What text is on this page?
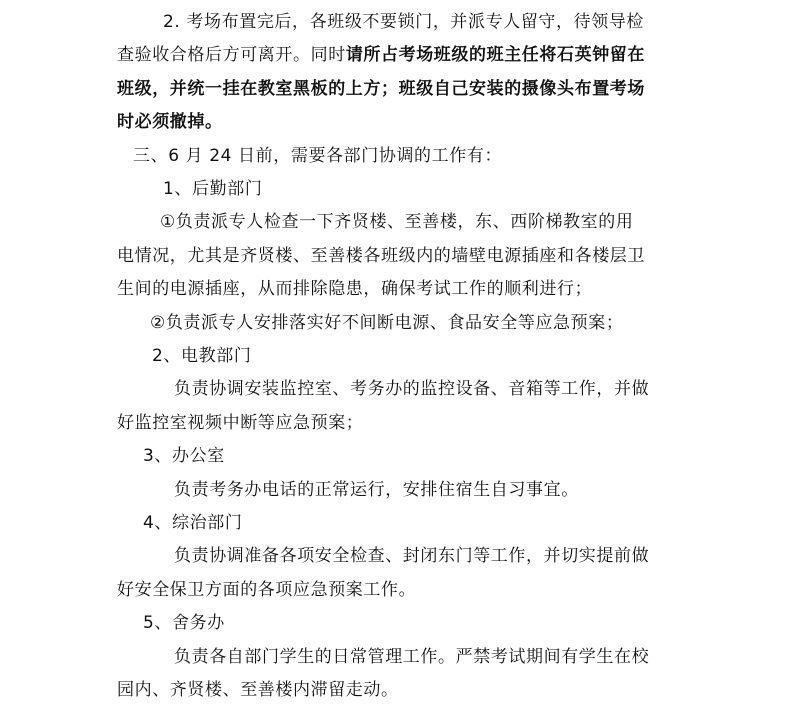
2. 考场布置完后，各班级不要锁门，并派专人留守，待领导检
查验收合格后方可离开。同时请所占考场班级的班主任将石英钟留在
班级，并统一挂在教室黑板的上方；班级自己安装的摄像头布置考场
时必须撤掉。
三、6 月 24 日前，需要各部门协调的工作有：
1、后勤部门
①负责派专人检查一下齐贤楼、至善楼，东、西阶梯教室的用
电情况，尤其是齐贤楼、至善楼各班级内的墙壁电源插座和各楼层卫
生间的电源插座，从而排除隐患，确保考试工作的顺利进行；
②负责派专人安排落实好不间断电源、食品安全等应急预案；
2、电教部门
负责协调安装监控室、考务办的监控设备、音箱等工作，并做
好监控室视频中断等应急预案；
3、办公室
负责考务办电话的正常运行，安排住宿生自习事宜。
4、综治部门
负责协调准备各项安全检查、封闭东门等工作，并切实提前做
好安全保卫方面的各项应急预案工作。
5、舍务办
负责各自部门学生的日常管理工作。严禁考试期间有学生在校
园内、齐贤楼、至善楼内滞留走动。
